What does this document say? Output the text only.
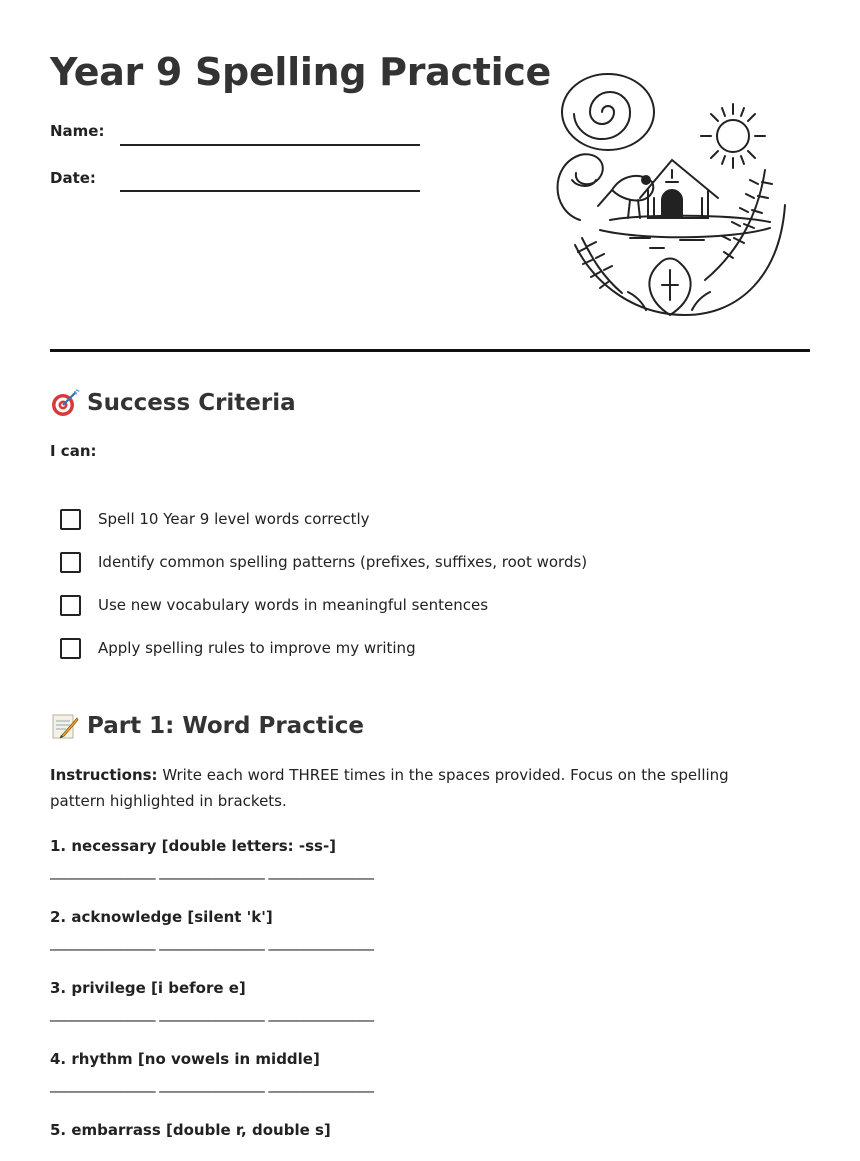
Year 9 Spelling Practice
Name:
Date:
Success Criteria
I can:
Spell 10 Year 9 level words correctly
Identify common spelling patterns (prefixes, suffixes, root words)
Use new vocabulary words in meaningful sentences
Apply spelling rules to improve my writing
Part 1: Word Practice
Instructions: Write each word THREE times in the spaces provided. Focus on the spelling pattern highlighted in brackets.
1. necessary [double letters: -ss-]
_______________ _______________ _______________
2. acknowledge [silent 'k']
_______________ _______________ _______________
3. privilege [i before e]
_______________ _______________ _______________
4. rhythm [no vowels in middle]
_______________ _______________ _______________
5. embarrass [double r, double s]
